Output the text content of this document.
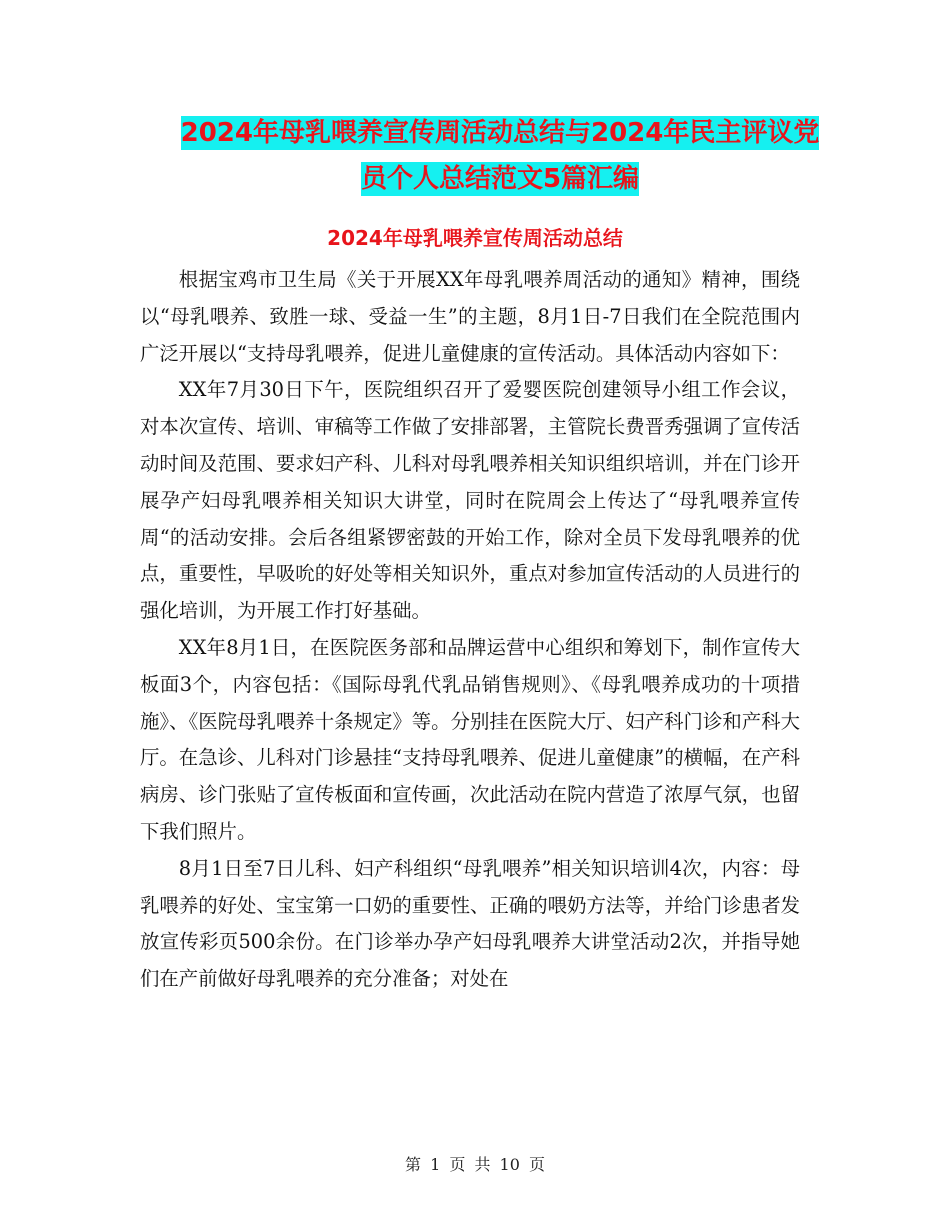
2024年母乳喂养宣传周活动总结与2024年民主评议党
员个人总结范文5篇汇编
2024年母乳喂养宣传周活动总结

根据宝鸡市卫生局《关于开展XX年母乳喂养周活动的通知》精神，围绕以“母乳喂养、致胜一球、受益一生”的主题，8月1日-7日我们在全院范围内广泛开展以“支持母乳喂养，促进儿童健康的宣传活动。具体活动内容如下：

XX年7月30日下午，医院组织召开了爱婴医院创建领导小组工作会议，对本次宣传、培训、审稿等工作做了安排部署，主管院长费晋秀强调了宣传活动时间及范围、要求妇产科、儿科对母乳喂养相关知识组织培训，并在门诊开展孕产妇母乳喂养相关知识大讲堂，同时在院周会上传达了“母乳喂养宣传周“的活动安排。会后各组紧锣密鼓的开始工作，除对全员下发母乳喂养的优点，重要性，早吸吮的好处等相关知识外，重点对参加宣传活动的人员进行的强化培训，为开展工作打好基础。

XX年8月1日，在医院医务部和品牌运营中心组织和筹划下，制作宣传大板面3个，内容包括：《国际母乳代乳品销售规则》、《母乳喂养成功的十项措施》、《医院母乳喂养十条规定》等。分别挂在医院大厅、妇产科门诊和产科大厅。在急诊、儿科对门诊悬挂“支持母乳喂养、促进儿童健康”的横幅，在产科病房、诊门张贴了宣传板面和宣传画，次此活动在院内营造了浓厚气氛，也留下我们照片。

8月1日至7日儿科、妇产科组织“母乳喂养”相关知识培训4次，内容：母乳喂养的好处、宝宝第一口奶的重要性、正确的喂奶方法等，并给门诊患者发放宣传彩页500余份。在门诊举办孕产妇母乳喂养大讲堂活动2次，并指导她们在产前做好母乳喂养的充分准备；对处在

第 1 页 共 10 页
